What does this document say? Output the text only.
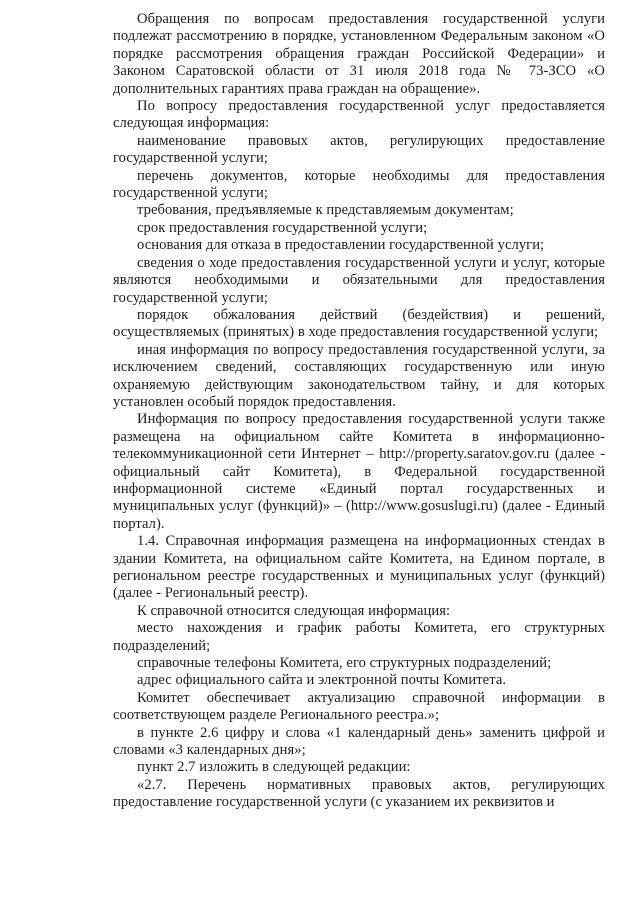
Обращения по вопросам предоставления государственной услуги подлежат рассмотрению в порядке, установленном Федеральным законом «О порядке рассмотрения обращения граждан Российской Федерации» и Законом Саратовской области от 31 июля 2018 года № 73-ЗСО «О дополнительных гарантиях права граждан на обращение».

По вопросу предоставления государственной услуг предоставляется следующая информация:

наименование правовых актов, регулирующих предоставление государственной услуги;

перечень документов, которые необходимы для предоставления государственной услуги;

требования, предъявляемые к представляемым документам;

срок предоставления государственной услуги;

основания для отказа в предоставлении государственной услуги;

сведения о ходе предоставления государственной услуги и услуг, которые являются необходимыми и обязательными для предоставления государственной услуги;

порядок обжалования действий (бездействия) и решений, осуществляемых (принятых) в ходе предоставления государственной услуги;

иная информация по вопросу предоставления государственной услуги, за исключением сведений, составляющих государственную или иную охраняемую действующим законодательством тайну, и для которых установлен особый порядок предоставления.

Информация по вопросу предоставления государственной услуги также размещена на официальном сайте Комитета в информационно-телекоммуникационной сети Интернет – http://property.saratov.gov.ru (далее - официальный сайт Комитета), в Федеральной государственной информационной системе «Единый портал государственных и муниципальных услуг (функций)» – (http://www.gosuslugi.ru) (далее - Единый портал).

1.4. Справочная информация размещена на информационных стендах в здании Комитета, на официальном сайте Комитета, на Едином портале, в региональном реестре государственных и муниципальных услуг (функций) (далее - Региональный реестр).

К справочной относится следующая информация:

место нахождения и график работы Комитета, его структурных подразделений;

справочные телефоны Комитета, его структурных подразделений;

адрес официального сайта и электронной почты Комитета.

Комитет обеспечивает актуализацию справочной информации в соответствующем разделе Регионального реестра.»;

в пункте 2.6 цифру и слова «1 календарный день» заменить цифрой и словами «3 календарных дня»;

пункт 2.7 изложить в следующей редакции:

«2.7. Перечень нормативных правовых актов, регулирующих предоставление государственной услуги (с указанием их реквизитов и
